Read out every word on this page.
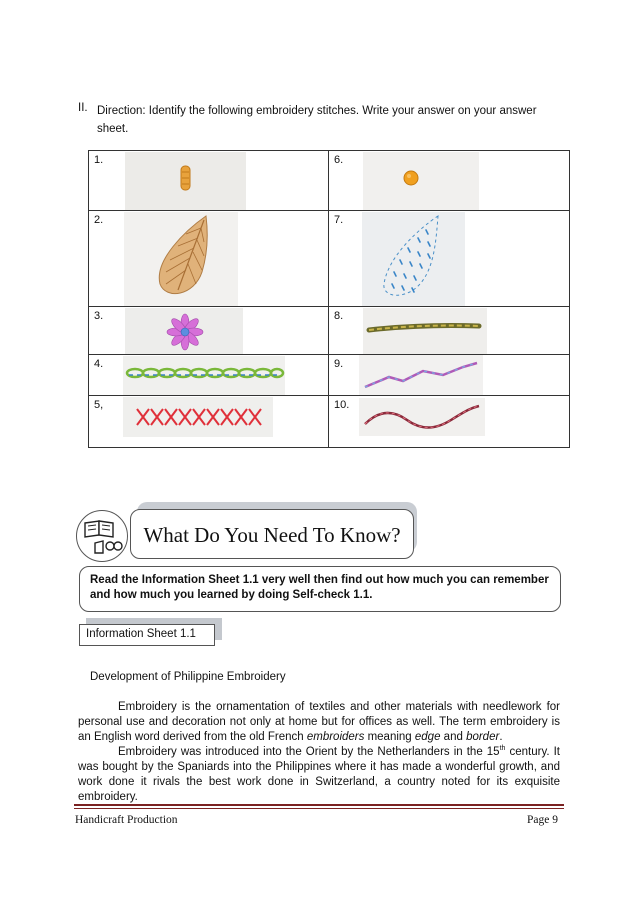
II. Direction: Identify the following embroidery stitches. Write your answer on your answer sheet.
1.	6.

2.	7.

3.	8.

4.	9.

5,	10.
What Do You Need To Know?
Read the Information Sheet 1.1 very well then find out how much you can remember and how much you learned by doing Self-check 1.1.
Information Sheet 1.1
Development of Philippine Embroidery

Embroidery is the ornamentation of textiles and other materials with needlework for personal use and decoration not only at home but for offices as well. The term embroidery is an English word derived from the old French embroiders meaning edge and border.

Embroidery was introduced into the Orient by the Netherlanders in the 15th century. It was bought by the Spaniards into the Philippines where it has made a wonderful growth, and work done it rivals the best work done in Switzerland, a country noted for its exquisite embroidery.

Handicraft Production	Page 9
